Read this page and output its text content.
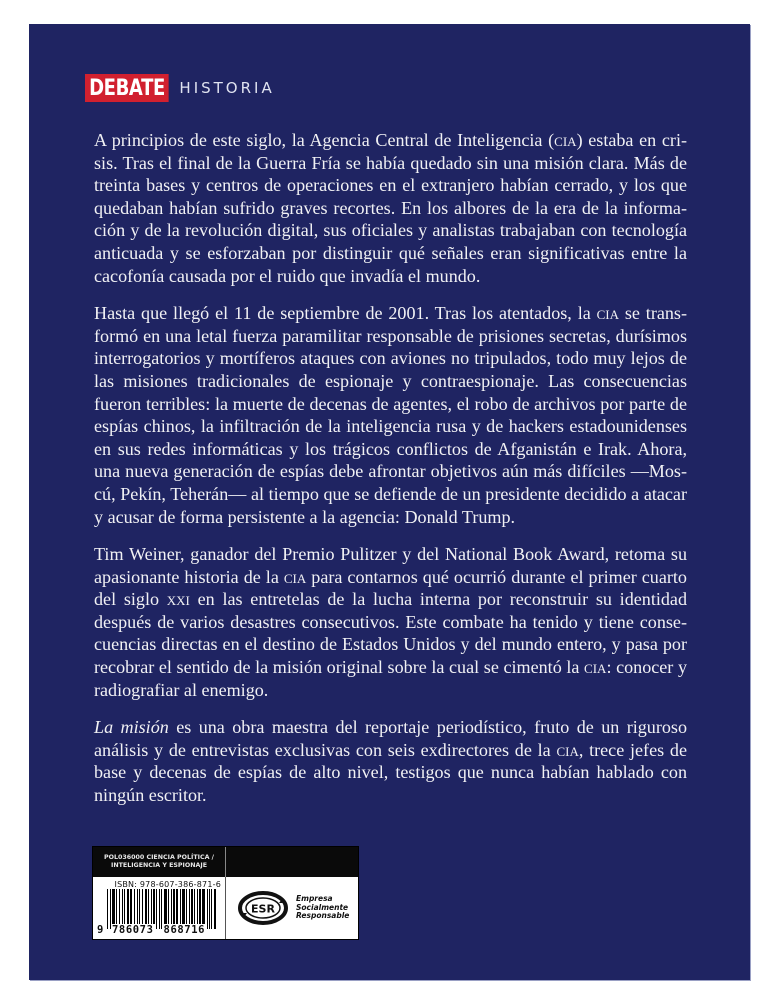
DEBATE HISTORIA

A principios de este siglo, la Agencia Central de Inteligencia (cia) estaba en crisis. Tras el final de la Guerra Fría se había quedado sin una misión clara. Más de treinta bases y centros de operaciones en el extranjero habían cerrado, y los que quedaban habían sufrido graves recortes. En los albores de la era de la información y de la revolución digital, sus oficiales y analistas trabajaban con tecnología anticuada y se esforzaban por distinguir qué señales eran significativas entre la cacofonía causada por el ruido que invadía el mundo.

Hasta que llegó el 11 de septiembre de 2001. Tras los atentados, la cia se transformó en una letal fuerza paramilitar responsable de prisiones secretas, durísimos interrogatorios y mortíferos ataques con aviones no tripulados, todo muy lejos de las misiones tradicionales de espionaje y contraespionaje. Las consecuencias fueron terribles: la muerte de decenas de agentes, el robo de archivos por parte de espías chinos, la infiltración de la inteligencia rusa y de hackers estadounidenses en sus redes informáticas y los trágicos conflictos de Afganistán e Irak. Ahora, una nueva generación de espías debe afrontar objetivos aún más difíciles —Moscú, Pekín, Teherán— al tiempo que se defiende de un presidente decidido a atacar y acusar de forma persistente a la agencia: Donald Trump.

Tim Weiner, ganador del Premio Pulitzer y del National Book Award, retoma su apasionante historia de la cia para contarnos qué ocurrió durante el primer cuarto del siglo xxi en las entretelas de la lucha interna por reconstruir su identidad después de varios desastres consecutivos. Este combate ha tenido y tiene consecuencias directas en el destino de Estados Unidos y del mundo entero, y pasa por recobrar el sentido de la misión original sobre la cual se cimentó la cia: conocer y radiografiar al enemigo.

La misión es una obra maestra del reportaje periodístico, fruto de un riguroso análisis y de entrevistas exclusivas con seis exdirectores de la cia, trece jefes de base y decenas de espías de alto nivel, testigos que nunca habían hablado con ningún escritor.

POL036000 CIENCIA POLÍTICA /
INTELIGENCIA Y ESPIONAJE
ISBN: 978-607-386-871-6
9 786073 868716
ESR
Empresa
Socialmente
Responsable
